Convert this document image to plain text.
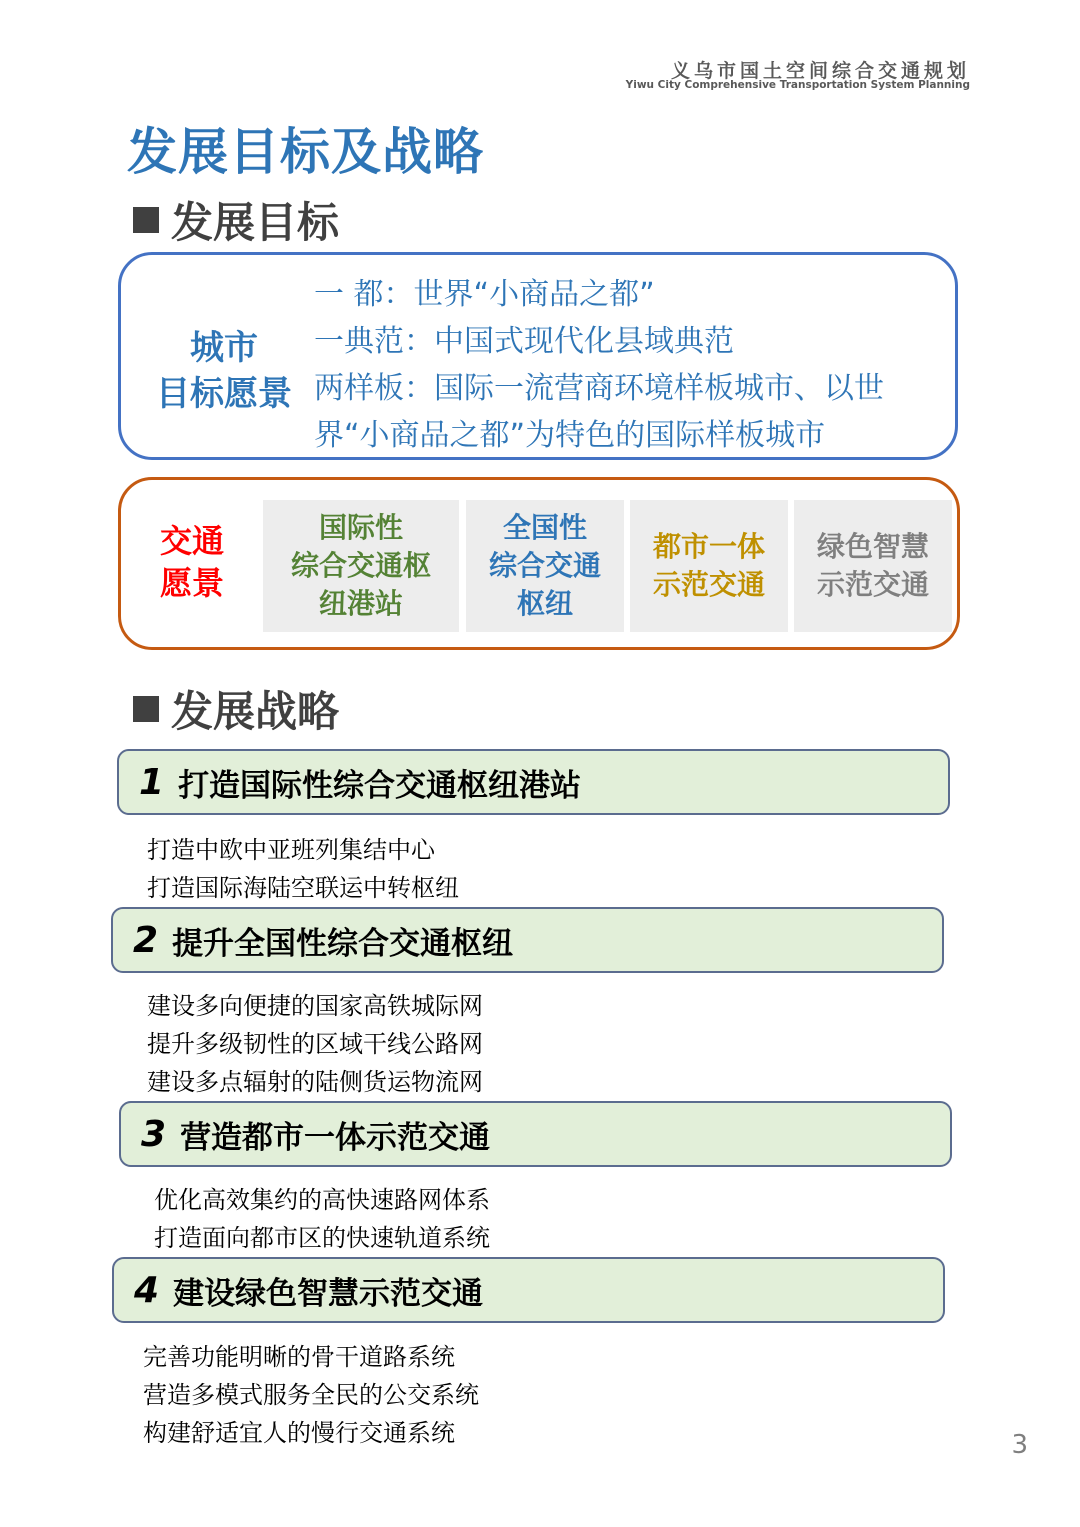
义乌市国土空间综合交通规划
Yiwu City Comprehensive Transportation System Planning
发展目标及战略
发展目标
城市
目标愿景
一 都：世界“小商品之都”
一典范：中国式现代化县域典范
两样板：国际一流营商环境样板城市、以世
界“小商品之都”为特色的国际样板城市
交通
愿景
国际性
综合交通枢
纽港站
全国性
综合交通
枢纽
都市一体
示范交通
绿色智慧
示范交通
发展战略
1 打造国际性综合交通枢纽港站
打造中欧中亚班列集结中心
打造国际海陆空联运中转枢纽
2 提升全国性综合交通枢纽
建设多向便捷的国家高铁城际网
提升多级韧性的区域干线公路网
建设多点辐射的陆侧货运物流网
3 营造都市一体示范交通
优化高效集约的高快速路网体系
打造面向都市区的快速轨道系统
4 建设绿色智慧示范交通
完善功能明晰的骨干道路系统
营造多模式服务全民的公交系统
构建舒适宜人的慢行交通系统	3
